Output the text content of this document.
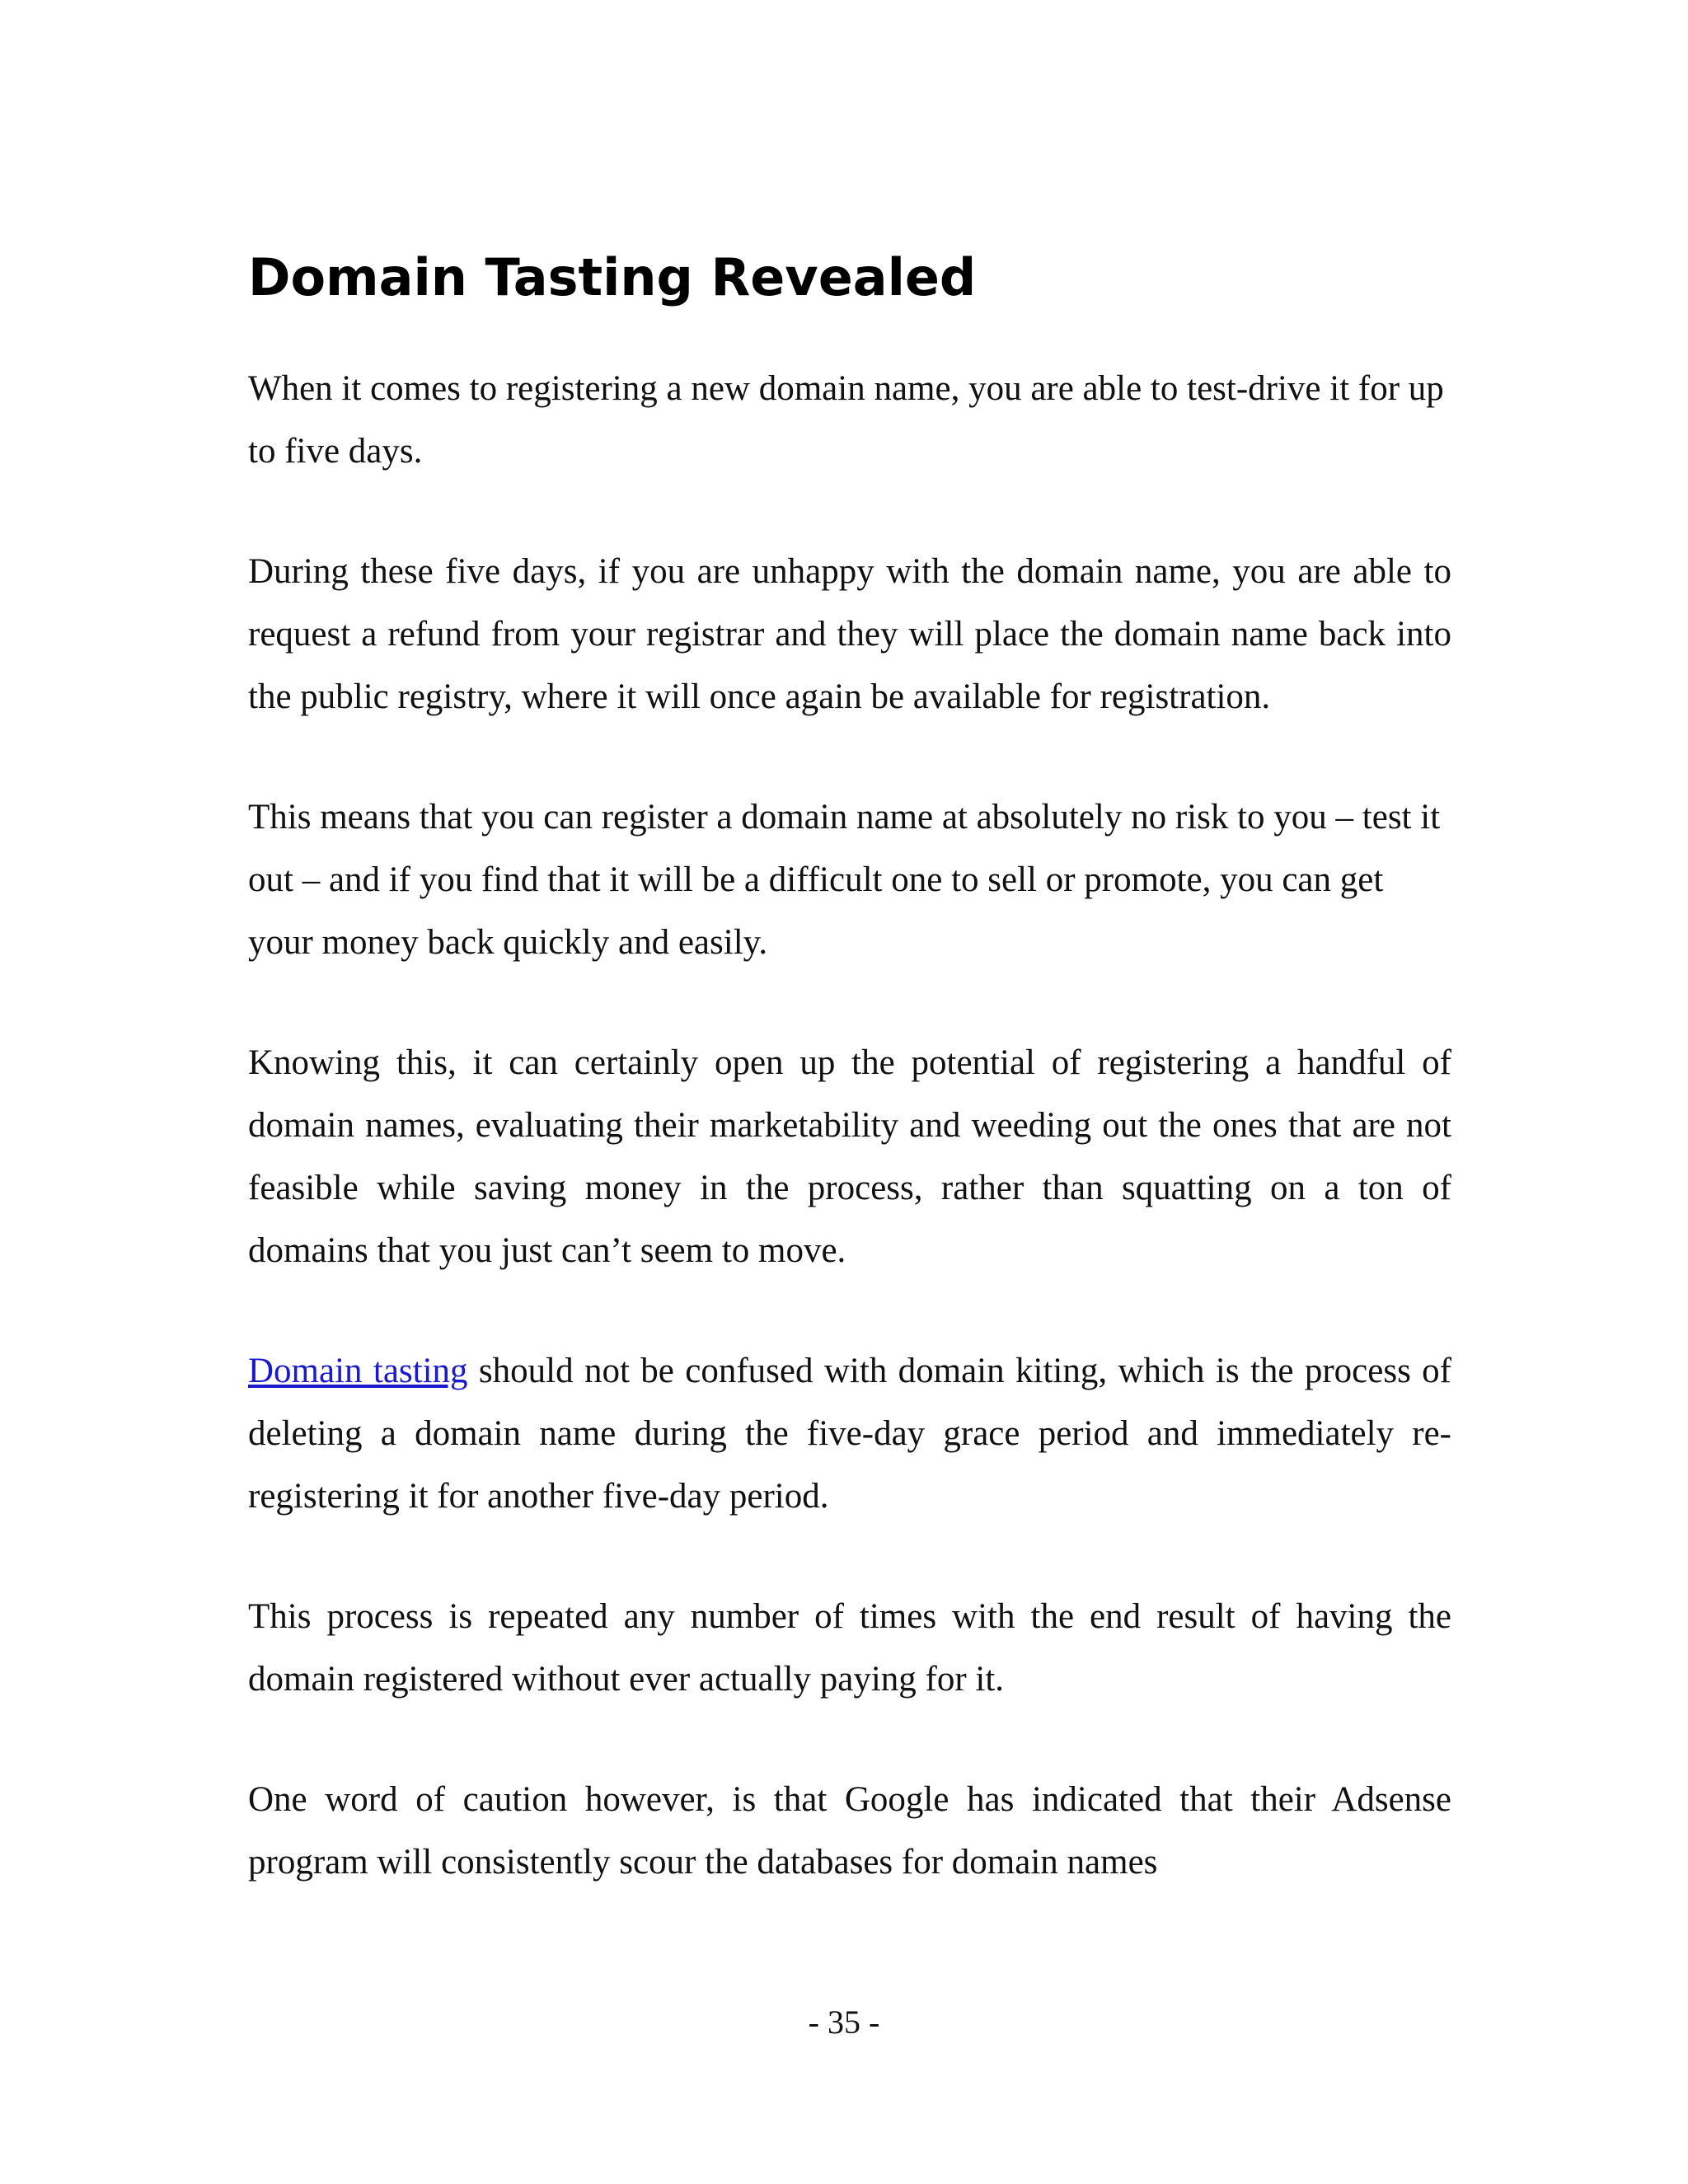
Domain Tasting Revealed

When it comes to registering a new domain name, you are able to test-drive it for up to five days.

During these five days, if you are unhappy with the domain name, you are able to request a refund from your registrar and they will place the domain name back into the public registry, where it will once again be available for registration.

This means that you can register a domain name at absolutely no risk to you – test it out – and if you find that it will be a difficult one to sell or promote, you can get your money back quickly and easily.

Knowing this, it can certainly open up the potential of registering a handful of domain names, evaluating their marketability and weeding out the ones that are not feasible while saving money in the process, rather than squatting on a ton of domains that you just can’t seem to move.

Domain tasting should not be confused with domain kiting, which is the process of deleting a domain name during the five-day grace period and immediately re-registering it for another five-day period.

This process is repeated any number of times with the end result of having the domain registered without ever actually paying for it.

One word of caution however, is that Google has indicated that their Adsense program will consistently scour the databases for domain names

- 35 -
